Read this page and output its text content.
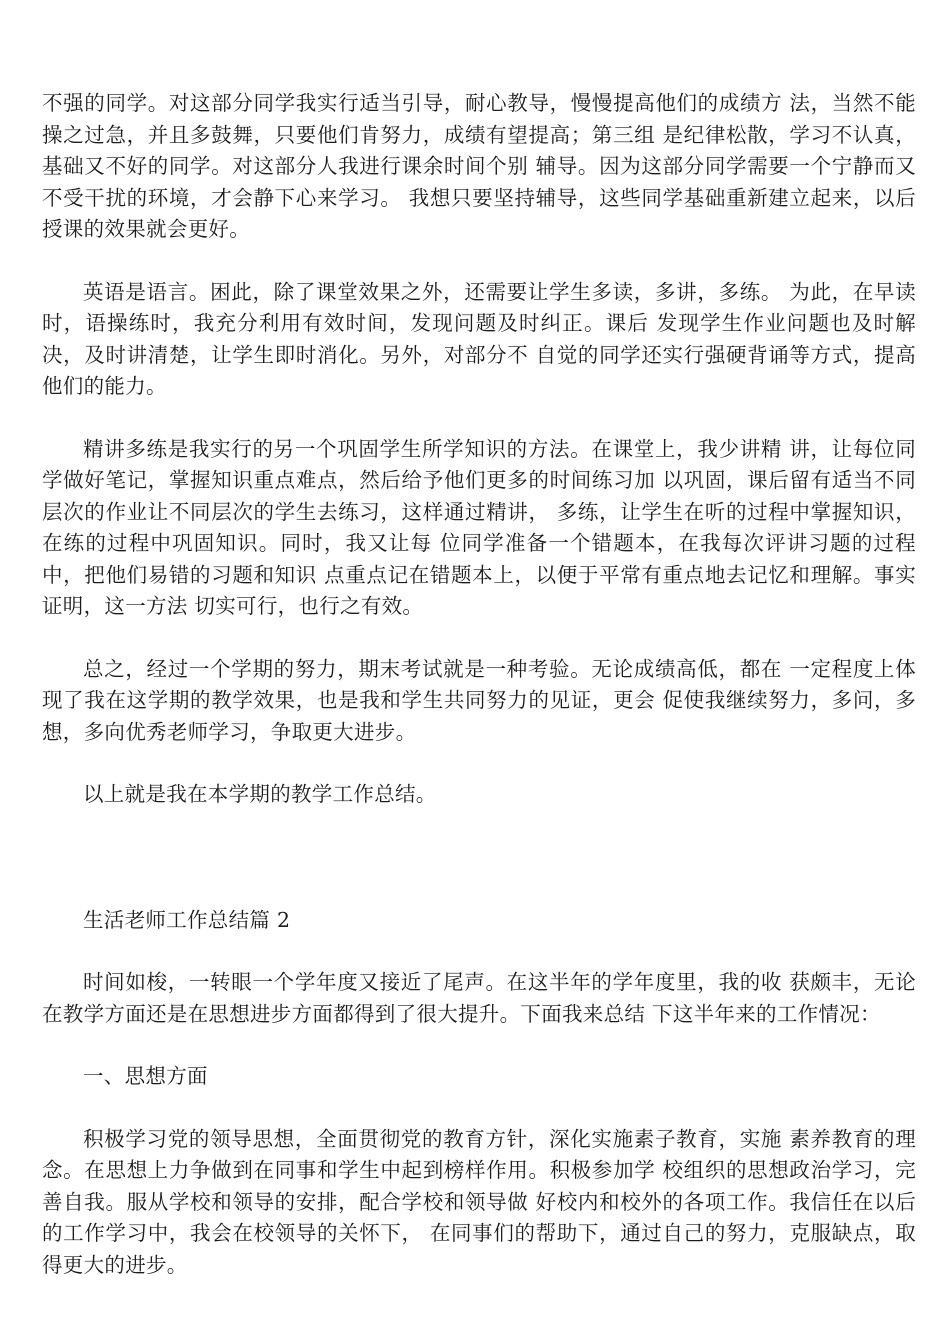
不强的同学。对这部分同学我实行适当引导，耐心教导，慢慢提高他们的成绩方 法，当然不能操之过急，并且多鼓舞，只要他们肯努力，成绩有望提高；第三组 是纪律松散，学习不认真，基础又不好的同学。对这部分人我进行课余时间个别 辅导。因为这部分同学需要一个宁静而又不受干扰的环境，才会静下心来学习。 我想只要坚持辅导，这些同学基础重新建立起来，以后授课的效果就会更好。

英语是语言。困此，除了课堂效果之外，还需要让学生多读，多讲，多练。 为此，在早读时，语操练时，我充分利用有效时间，发现问题及时纠正。课后 发现学生作业问题也及时解决，及时讲清楚，让学生即时消化。另外，对部分不 自觉的同学还实行强硬背诵等方式，提高他们的能力。

精讲多练是我实行的另一个巩固学生所学知识的方法。在课堂上，我少讲精 讲，让每位同学做好笔记，掌握知识重点难点，然后给予他们更多的时间练习加 以巩固，课后留有适当不同层次的作业让不同层次的学生去练习，这样通过精讲， 多练，让学生在听的过程中掌握知识，在练的过程中巩固知识。同时，我又让每 位同学准备一个错题本，在我每次评讲习题的过程中，把他们易错的习题和知识 点重点记在错题本上，以便于平常有重点地去记忆和理解。事实证明，这一方法 切实可行，也行之有效。

总之，经过一个学期的努力，期末考试就是一种考验。无论成绩高低，都在 一定程度上体现了我在这学期的教学效果，也是我和学生共同努力的见证，更会 促使我继续努力，多问，多想，多向优秀老师学习，争取更大进步。

以上就是我在本学期的教学工作总结。

生活老师工作总结篇 2

时间如梭，一转眼一个学年度又接近了尾声。在这半年的学年度里，我的收 获颇丰，无论在教学方面还是在思想进步方面都得到了很大提升。下面我来总结 下这半年来的工作情况：

一、思想方面

积极学习党的领导思想，全面贯彻党的教育方针，深化实施素子教育，实施 素养教育的理念。在思想上力争做到在同事和学生中起到榜样作用。积极参加学 校组织的思想政治学习，完善自我。服从学校和领导的安排，配合学校和领导做 好校内和校外的各项工作。我信任在以后的工作学习中，我会在校领导的关怀下， 在同事们的帮助下，通过自己的努力，克服缺点，取得更大的进步。
